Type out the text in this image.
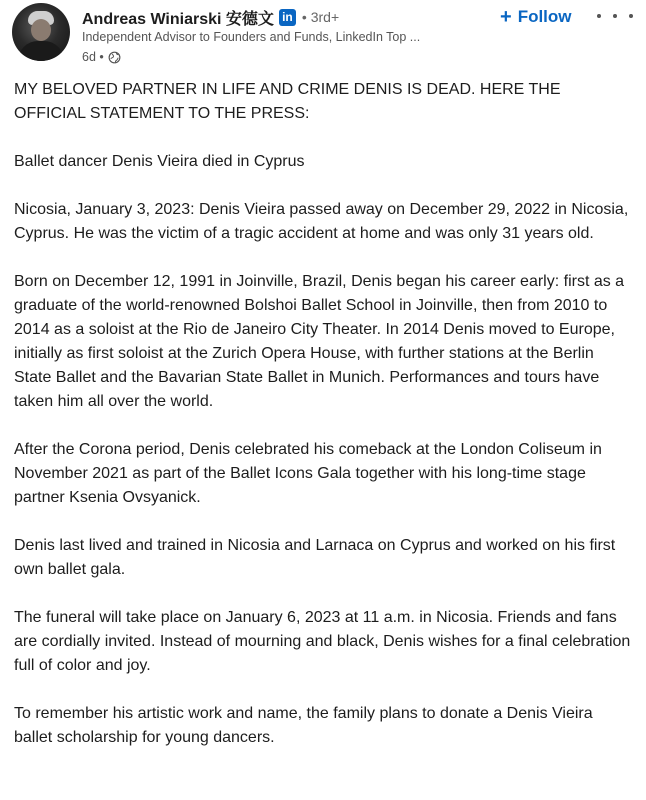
Andreas Winiarski 安德文 in • 3rd+
Independent Advisor to Founders and Funds, LinkedIn Top ...
6d •
+ Follow

MY BELOVED PARTNER IN LIFE AND CRIME DENIS IS DEAD. HERE THE OFFICIAL STATEMENT TO THE PRESS:

Ballet dancer Denis Vieira died in Cyprus

Nicosia, January 3, 2023: Denis Vieira passed away on December 29, 2022 in Nicosia, Cyprus. He was the victim of a tragic accident at home and was only 31 years old.

Born on December 12, 1991 in Joinville, Brazil, Denis began his career early: first as a graduate of the world-renowned Bolshoi Ballet School in Joinville, then from 2010 to 2014 as a soloist at the Rio de Janeiro City Theater. In 2014 Denis moved to Europe, initially as first soloist at the Zurich Opera House, with further stations at the Berlin State Ballet and the Bavarian State Ballet in Munich. Performances and tours have taken him all over the world.

After the Corona period, Denis celebrated his comeback at the London Coliseum in November 2021 as part of the Ballet Icons Gala together with his long-time stage partner Ksenia Ovsyanick.

Denis last lived and trained in Nicosia and Larnaca on Cyprus and worked on his first own ballet gala.

The funeral will take place on January 6, 2023 at 11 a.m. in Nicosia. Friends and fans are cordially invited. Instead of mourning and black, Denis wishes for a final celebration full of color and joy.

To remember his artistic work and name, the family plans to donate a Denis Vieira ballet scholarship for young dancers.
